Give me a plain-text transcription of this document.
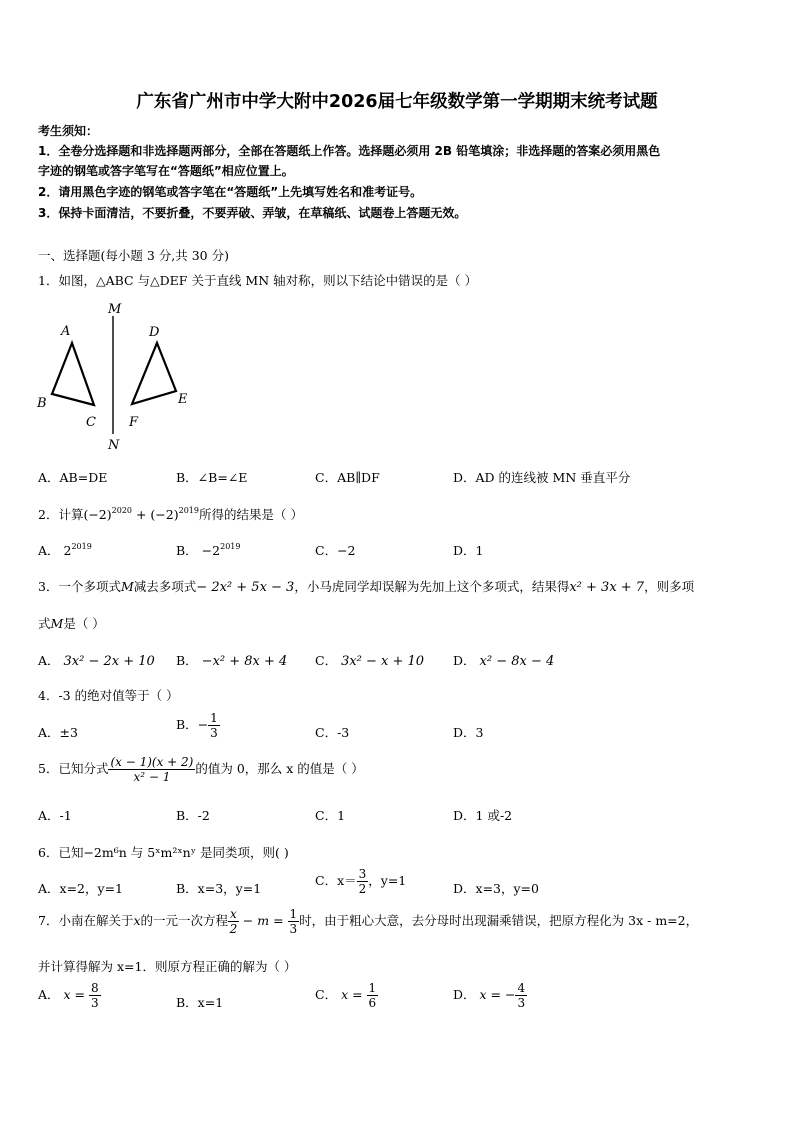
广东省广州市中学大附中2026届七年级数学第一学期期末统考试题
考生须知：
1．全卷分选择题和非选择题两部分，全部在答题纸上作答。选择题必须用 2B 铅笔填涂；非选择题的答案必须用黑色
字迹的钢笔或答字笔写在“答题纸”相应位置上。
2．请用黑色字迹的钢笔或答字笔在“答题纸”上先填写姓名和准考证号。
3．保持卡面清洁，不要折叠，不要弄破、弄皱，在草稿纸、试题卷上答题无效。
一、选择题(每小题 3 分,共 30 分)
1．如图，△ABC 与△DEF 关于直线 MN 轴对称，则以下结论中错误的是（ ）
M
N
A
B
C
D
E
F
A．AB=DE	B．∠B=∠E	C．AB∥DF	D．AD 的连线被 MN 垂直平分
2．计算$(-2)^{2020} + (-2)^{2019}$所得的结果是（ ）
A． $2^{2019}$	B． $-2^{2019}$	C．−2	D．1
3．一个多项式M减去多项式− 2x² + 5x − 3，小马虎同学却误解为先加上这个多项式，结果得x² + 3x + 7，则多项
式M是（ ）
A． 3x² − 2x + 10 B． −x² + 8x + 4 C． 3x² − x + 10 D． x² − 8x − 4
4．-3 的绝对值等于（ ）
A．±3
B．− $\frac{1}{3}$	C．-3	D．3
5．已知分式 $\frac{(x - 1)(x + 2)}{\text{x² − 1}}$ 的值为 0，那么 x 的值是（ ）
A．-1	B．-2	C．1	D．1 或-2
6．已知−2m⁶n 与 5ˣm²ˣnʸ 是同类项，则( )
A．x=2，y=1	B．x=3，y=1
C．$x= \frac{3}{2}$ ，y=1
D．x=3，y=0
7．小南在解关于x的一元一次方程 $\frac{x}{2} - m = \frac{1}{3}$ 时，由于粗心大意，去分母时出现漏乘错误，把原方程化为 3x - m=2，
并计算得解为 x=1．则原方程正确的解为（ ）
A． $x = \frac{8}{3}$	B．x=1
C． $x = \frac{1}{6}$	D． x = − $\frac{4}{3}$
